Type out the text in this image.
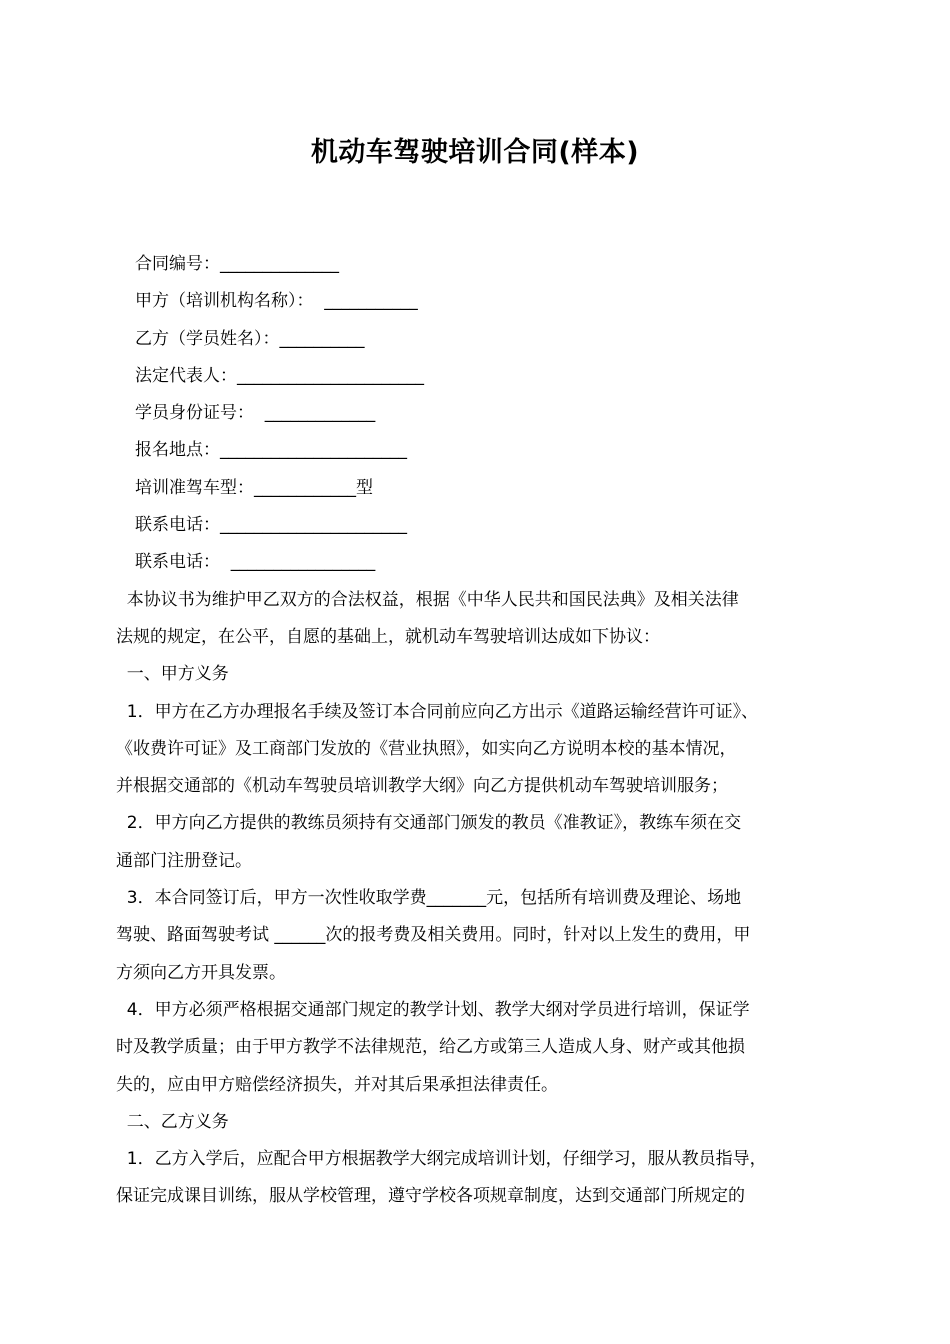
机动车驾驶培训合同(样本)
合同编号：______________
甲方（培训机构名称）：  ___________
乙方（学员姓名）：__________
法定代表人：______________________
学员身份证号：  _____________
报名地点：______________________
培训准驾车型：____________型
联系电话：______________________
联系电话：  _________________
本协议书为维护甲乙双方的合法权益，根据《中华人民共和国民法典》及相关法律
法规的规定，在公平，自愿的基础上，就机动车驾驶培训达成如下协议：
一、甲方义务
1．甲方在乙方办理报名手续及签订本合同前应向乙方出示《道路运输经营许可证》、
《收费许可证》及工商部门发放的《营业执照》，如实向乙方说明本校的基本情况，
并根据交通部的《机动车驾驶员培训教学大纲》向乙方提供机动车驾驶培训服务；
2．甲方向乙方提供的教练员须持有交通部门颁发的教员《准教证》，教练车须在交
通部门注册登记。
3．本合同签订后，甲方一次性收取学费_______元，包括所有培训费及理论、场地
驾驶、路面驾驶考试 ______次的报考费及相关费用。同时，针对以上发生的费用，甲
方须向乙方开具发票。
4．甲方必须严格根据交通部门规定的教学计划、教学大纲对学员进行培训，保证学
时及教学质量；由于甲方教学不法律规范，给乙方或第三人造成人身、财产或其他损
失的，应由甲方赔偿经济损失，并对其后果承担法律责任。
二、乙方义务
1．乙方入学后，应配合甲方根据教学大纲完成培训计划，仔细学习，服从教员指导，
保证完成课目训练，服从学校管理，遵守学校各项规章制度，达到交通部门所规定的
